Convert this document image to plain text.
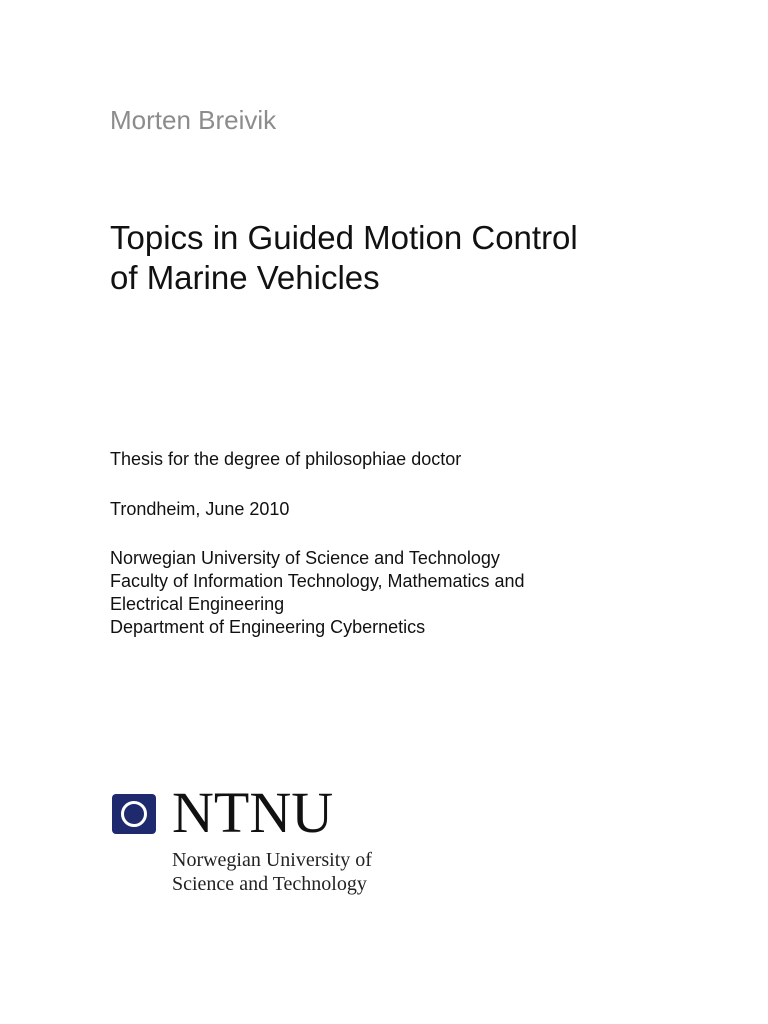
Morten Breivik
Topics in Guided Motion Control
of Marine Vehicles
Thesis for the degree of philosophiae doctor
Trondheim, June 2010
Norwegian University of Science and Technology
Faculty of Information Technology, Mathematics and
Electrical Engineering
Department of Engineering Cybernetics
NTNU
Norwegian University of
Science and Technology
